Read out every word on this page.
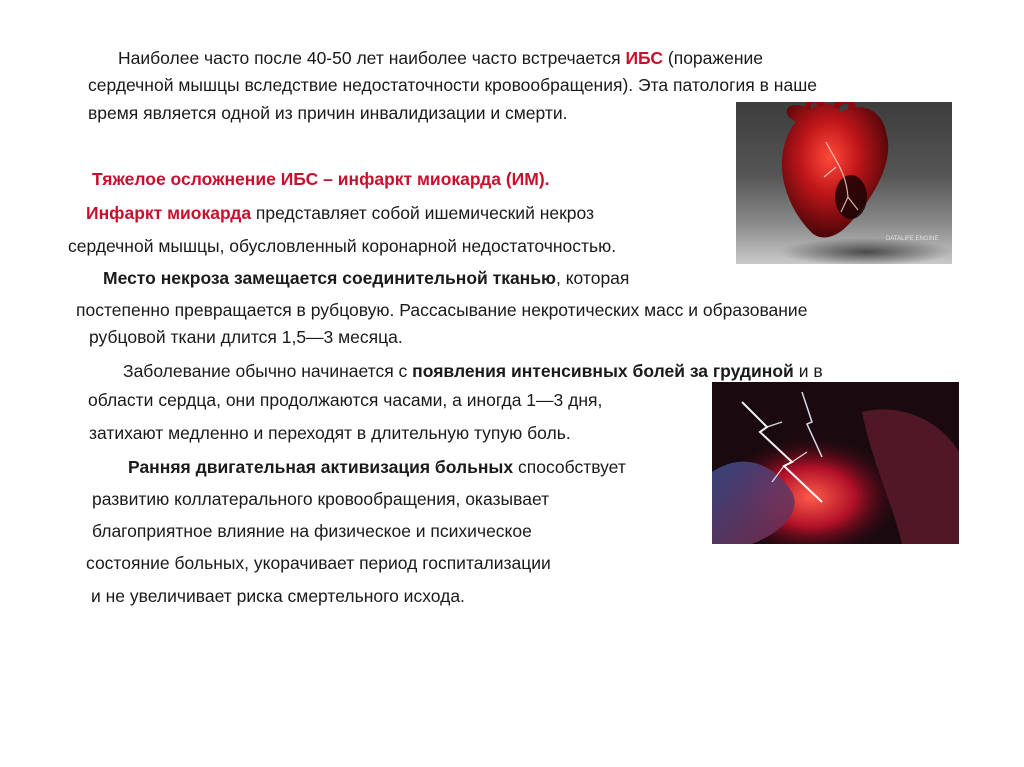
Наиболее часто после 40-50 лет наиболее часто встречается ИБС (поражение
сердечной мышцы вследствие недостаточности кровообращения). Эта патология в наше
время является одной из причин инвалидизации и смерти.
Тяжелое осложнение ИБС – инфаркт миокарда (ИМ).
Инфаркт миокарда представляет собой ишемический некроз
сердечной мышцы, обусловленный коронарной недостаточностью.
Место некроза замещается соединительной тканью, которая
постепенно превращается в рубцовую. Рассасывание некротических масс и образование
рубцовой ткани длится 1,5—3 месяца.
Заболевание обычно начинается с появления интенсивных болей за грудиной и в
области сердца, они продолжаются часами, а иногда 1—3 дня,
затихают медленно и переходят в длительную тупую боль.
Ранняя двигательная активизация больных способствует
развитию коллатерального кровообращения, оказывает
благоприятное влияние на физическое и психическое
состояние больных, укорачивает период госпитализации
и не увеличивает риска смертельного исхода.
DATALIFE ENGINE
